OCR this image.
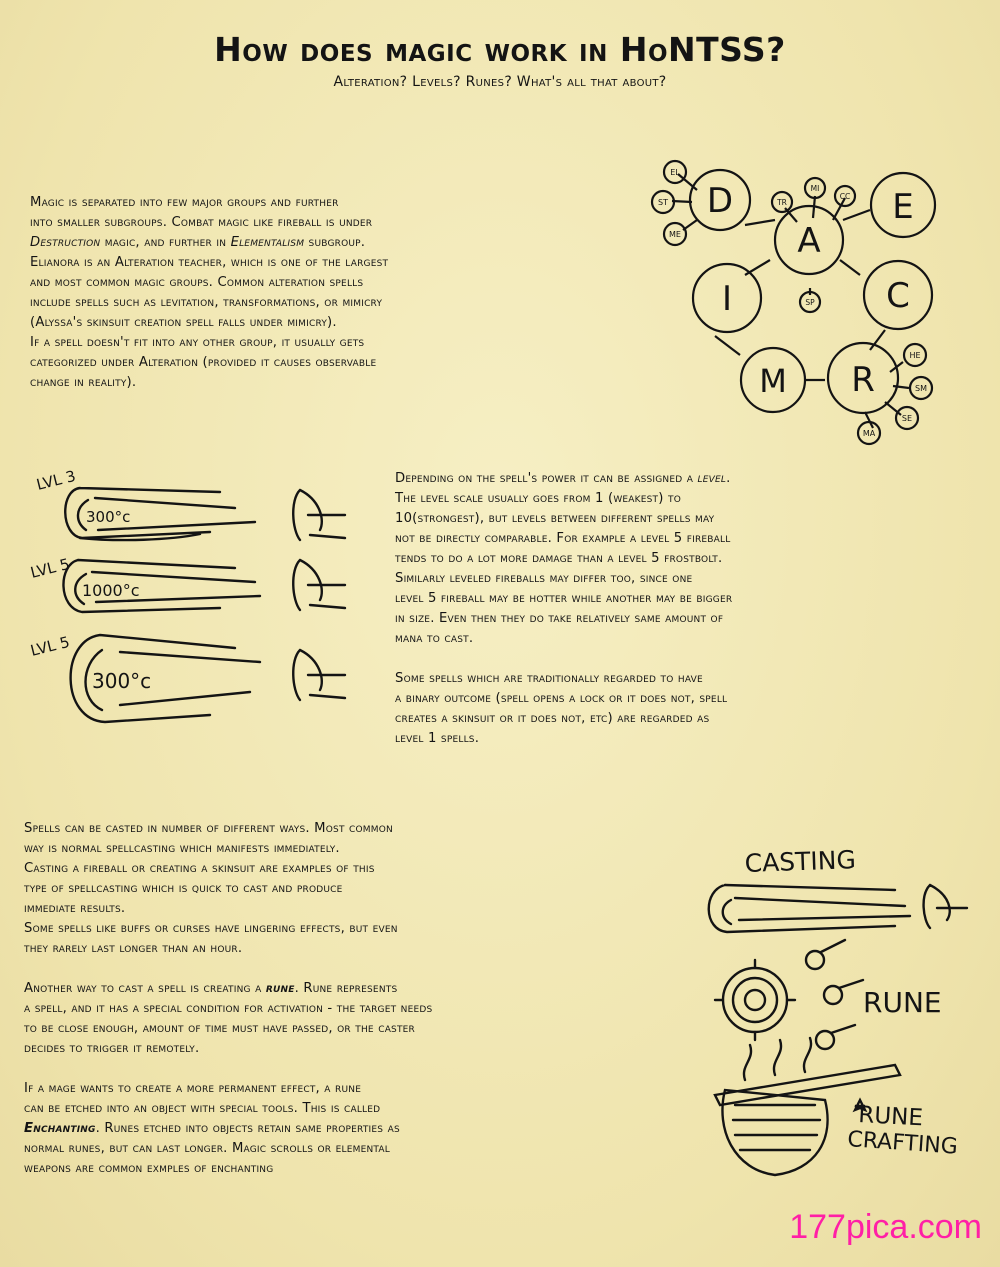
How does magic work in HoNTSS?
Alteration? Levels? Runes? What's all that about?
Magic is separated into few major groups and further
into smaller subgroups. Combat magic like fireball is under
Destruction magic, and further in Elementalism subgroup.
Elianora is an Alteration teacher, which is one of the largest
and most common magic groups. Common alteration spells
include spells such as levitation, transformations, or mimicry
(Alyssa's skinsuit creation spell falls under mimicry).
If a spell doesn't fit into any other group, it usually gets
categorized under Alteration (provided it causes observable
change in reality).
D	E
A
I	C
M R
EL
ST
ME
TR
MI
CC
SP
HE
SM
SE
MA
LVL 3
300°c
LVL 5
1000°c
LVL 5
300°c
Depending on the spell's power it can be assigned a level.
The level scale usually goes from 1 (weakest) to
10(strongest), but levels between different spells may
not be directly comparable. For example a level 5 fireball
tends to do a lot more damage than a level 5 frostbolt.
Similarly leveled fireballs may differ too, since one
level 5 fireball may be hotter while another may be bigger
in size. Even then they do take relatively same amount of
mana to cast.

Some spells which are traditionally regarded to have
a binary outcome (spell opens a lock or it does not, spell
creates a skinsuit or it does not, etc) are regarded as
level 1 spells.
Spells can be casted in number of different ways. Most common
way is normal spellcasting which manifests immediately.
Casting a fireball or creating a skinsuit are examples of this
type of spellcasting which is quick to cast and produce
immediate results.
Some spells like buffs or curses have lingering effects, but even
they rarely last longer than an hour.

Another way to cast a spell is creating a rune. Rune represents
a spell, and it has a special condition for activation - the target needs
to be close enough, amount of time must have passed, or the caster
decides to trigger it remotely.

If a mage wants to create a more permanent effect, a rune
can be etched into an object with special tools. This is called
Enchanting. Runes etched into objects retain same properties as
normal runes, but can last longer. Magic scrolls or elemental
weapons are common exmples of enchanting
CASTING
RUNE
RUNE
CRAFTING
177pica.com
